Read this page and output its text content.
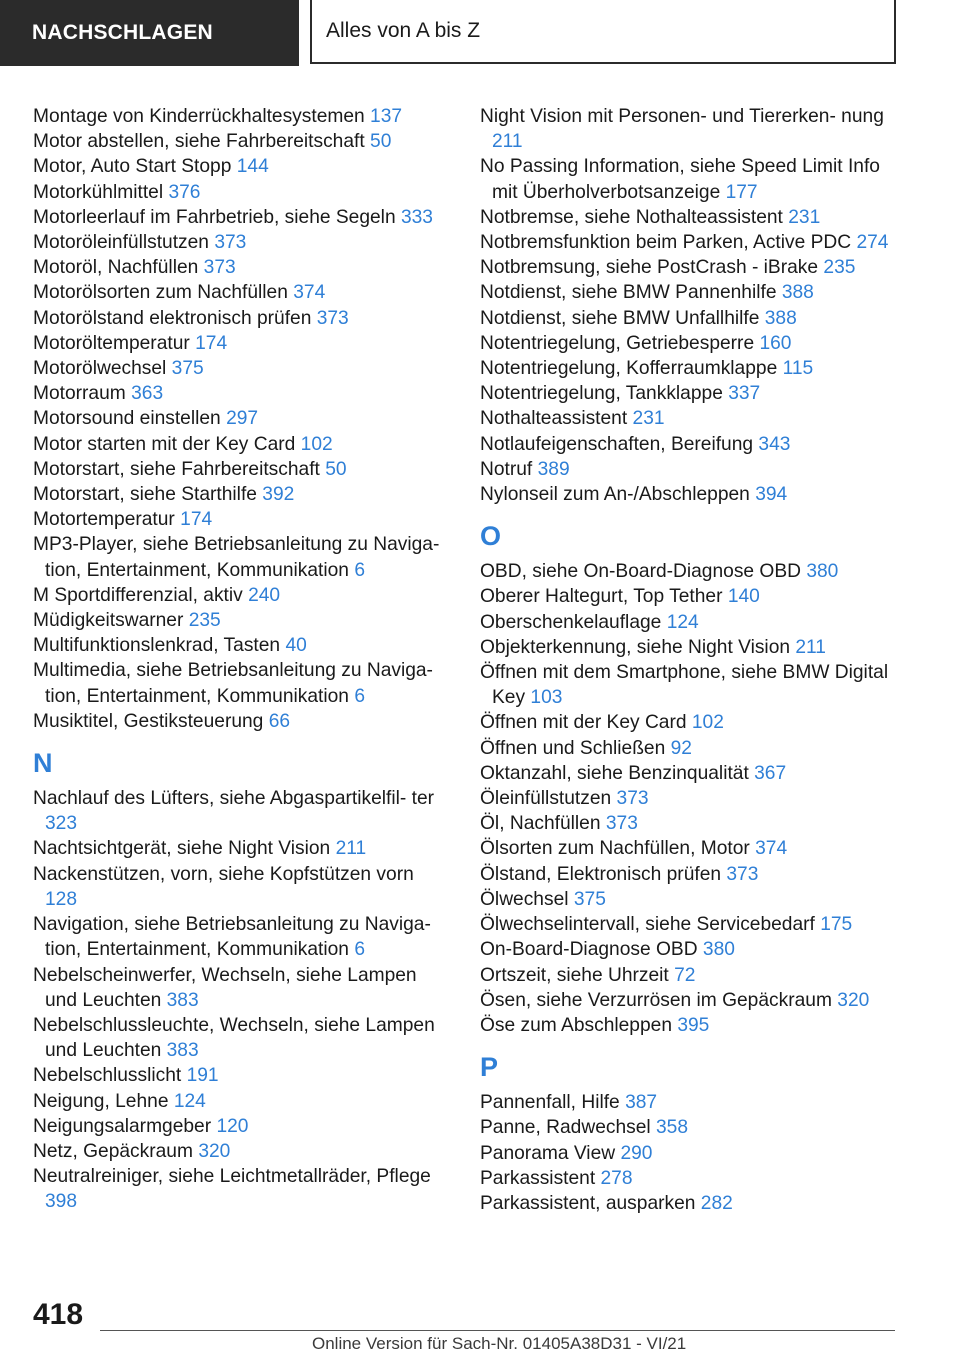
NACHSCHLAGEN	Alles von A bis Z
Montage von Kinderrückhaltesystemen 137
Motor abstellen, siehe Fahrbereitschaft 50
Motor, Auto Start Stopp 144
Motorkühlmittel 376
Motorleerlauf im Fahrbetrieb, siehe Segeln 333
Motoröleinfüllstutzen 373
Motoröl, Nachfüllen 373
Motorölsorten zum Nachfüllen 374
Motorölstand elektronisch prüfen 373
Motoröltemperatur 174
Motorölwechsel 375
Motorraum 363
Motorsound einstellen 297
Motor starten mit der Key Card 102
Motorstart, siehe Fahrbereitschaft 50
Motorstart, siehe Starthilfe 392
Motortemperatur 174
MP3-Player, siehe Betriebsanleitung zu Naviga‐ tion, Entertainment, Kommunikation 6
M Sportdifferenzial, aktiv 240
Müdigkeitswarner 235
Multifunktionslenkrad, Tasten 40
Multimedia, siehe Betriebsanleitung zu Naviga‐ tion, Entertainment, Kommunikation 6
Musiktitel, Gestiksteuerung 66
N
Nachlauf des Lüfters, siehe Abgaspartikelfil‐ ter 323
Nachtsichtgerät, siehe Night Vision 211
Nackenstützen, vorn, siehe Kopfstützen vorn 128
Navigation, siehe Betriebsanleitung zu Naviga‐ tion, Entertainment, Kommunikation 6
Nebelscheinwerfer, Wechseln, siehe Lampen und Leuchten 383
Nebelschlussleuchte, Wechseln, siehe Lampen und Leuchten 383
Nebelschlusslicht 191
Neigung, Lehne 124
Neigungsalarmgeber 120
Netz, Gepäckraum 320
Neutralreiniger, siehe Leichtmetallräder, Pflege 398
Night Vision mit Personen- und Tiererken‐ nung 211
No Passing Information, siehe Speed Limit Info mit Überholverbotsanzeige 177
Notbremse, siehe Nothalteassistent 231
Notbremsfunktion beim Parken, Active PDC 274
Notbremsung, siehe PostCrash - iBrake 235
Notdienst, siehe BMW Pannenhilfe 388
Notdienst, siehe BMW Unfallhilfe 388
Notentriegelung, Getriebesperre 160
Notentriegelung, Kofferraumklappe 115
Notentriegelung, Tankklappe 337
Nothalteassistent 231
Notlaufeigenschaften, Bereifung 343
Notruf 389
Nylonseil zum An-/Abschleppen 394
O
OBD, siehe On-Board-Diagnose OBD 380
Oberer Haltegurt, Top Tether 140
Oberschenkelauflage 124
Objekterkennung, siehe Night Vision 211
Öffnen mit dem Smartphone, siehe BMW Digital Key 103
Öffnen mit der Key Card 102
Öffnen und Schließen 92
Oktanzahl, siehe Benzinqualität 367
Öleinfüllstutzen 373
Öl, Nachfüllen 373
Ölsorten zum Nachfüllen, Motor 374
Ölstand, Elektronisch prüfen 373
Ölwechsel 375
Ölwechselintervall, siehe Servicebedarf 175
On-Board-Diagnose OBD 380
Ortszeit, siehe Uhrzeit 72
Ösen, siehe Verzurrösen im Gepäckraum 320
Öse zum Abschleppen 395
P
Pannenfall, Hilfe 387
Panne, Radwechsel 358
Panorama View 290
Parkassistent 278
Parkassistent, ausparken 282
418
Online Version für Sach-Nr. 01405A38D31 - VI/21
